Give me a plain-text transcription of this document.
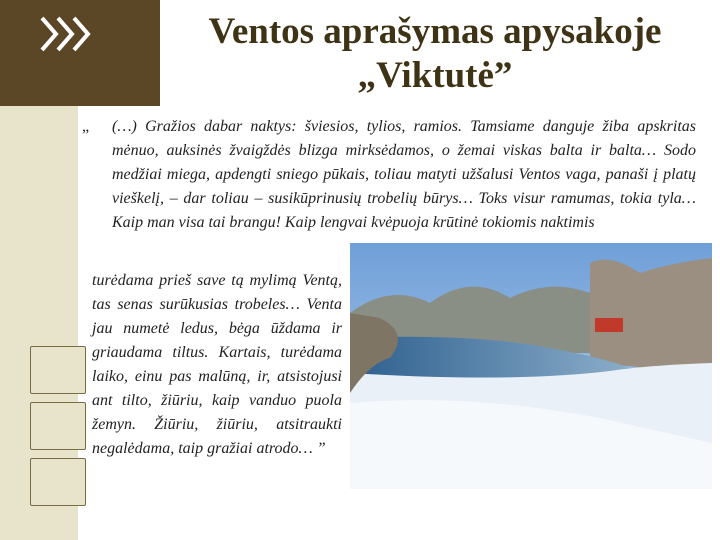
Ventos aprašymas apysakoje „Viktutė”
„ (…) Gražios dabar naktys: šviesios, tylios, ramios. Tamsiame danguje žiba apskritas mėnuo, auksinės žvaigždės blizga mirksėdamos, o žemai viskas balta ir balta… Sodo medžiai miega, apdengti sniego pūkais, toliau matyti užšalusi Ventos vaga, panaši į platų vieškelį, – dar toliau – susikūprinusių trobelių būrys… Toks visur ramumas, tokia tyla… Kaip man visa tai brangu! Kaip lengvai kvėpuoja krūtinė tokiomis naktimis
turėdama prieš save tą mylimą Ventą, tas senas surūkusias trobeles… Venta jau numetė ledus, bėga ūždama ir griaudama tiltus. Kartais, turėdama laiko, einu pas malūną, ir, atsistojusi ant tilto, žiūriu, kaip vanduo puola žemyn. Žiūriu, žiūriu, atsitraukti negalėdama, taip gražiai atrodo… ”
